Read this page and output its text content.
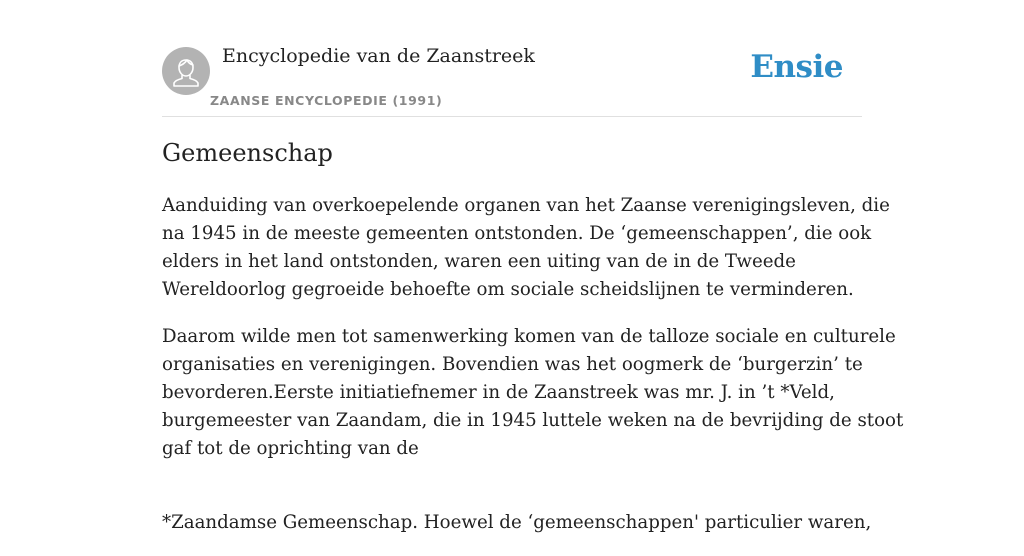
Encyclopedie van de Zaanstreek
ZAANSE ENCYCLOPEDIE (1991)
Ensie
Gemeenschap

Aanduiding van overkoepelende organen van het Zaanse verenigingsleven, die
na 1945 in de meeste gemeenten ontstonden. De ‘gemeenschappen’, die ook
elders in het land ontstonden, waren een uiting van de in de Tweede
Wereldoorlog gegroeide behoefte om sociale scheidslijnen te verminderen.

Daarom wilde men tot samenwerking komen van de talloze sociale en culturele
organisaties en verenigingen. Bovendien was het oogmerk de ‘burgerzin’ te
bevorderen.Eerste initiatiefnemer in de Zaanstreek was mr. J. in ’t *Veld,
burgemeester van Zaandam, die in 1945 luttele weken na de bevrijding de stoot
gaf tot de oprichting van de

*Zaandamse Gemeenschap. Hoewel de ‘gemeenschappen' particulier waren,
